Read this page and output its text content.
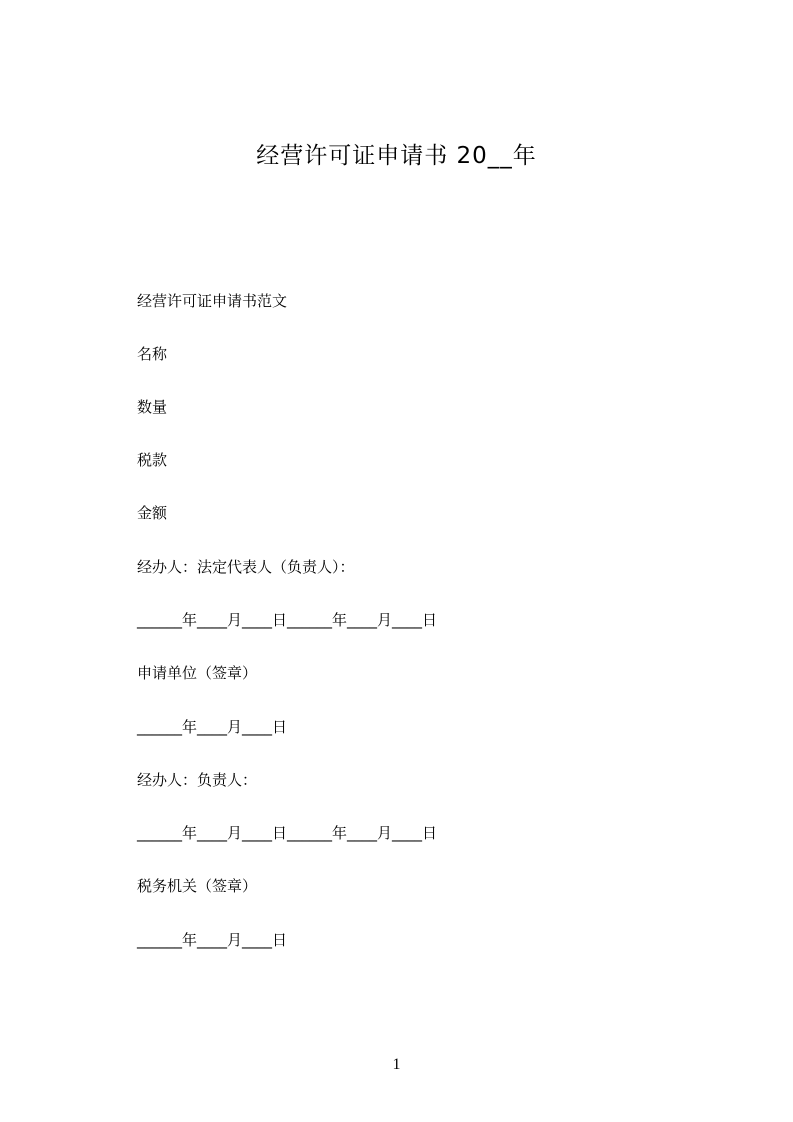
经营许可证申请书 20__年
经营许可证申请书范文
名称
数量
税款
金额
经办人：法定代表人（负责人）：
______年____月____日______年____月____日
申请单位（签章）
______年____月____日
经办人：负责人：
______年____月____日______年____月____日
税务机关（签章）
______年____月____日
1
